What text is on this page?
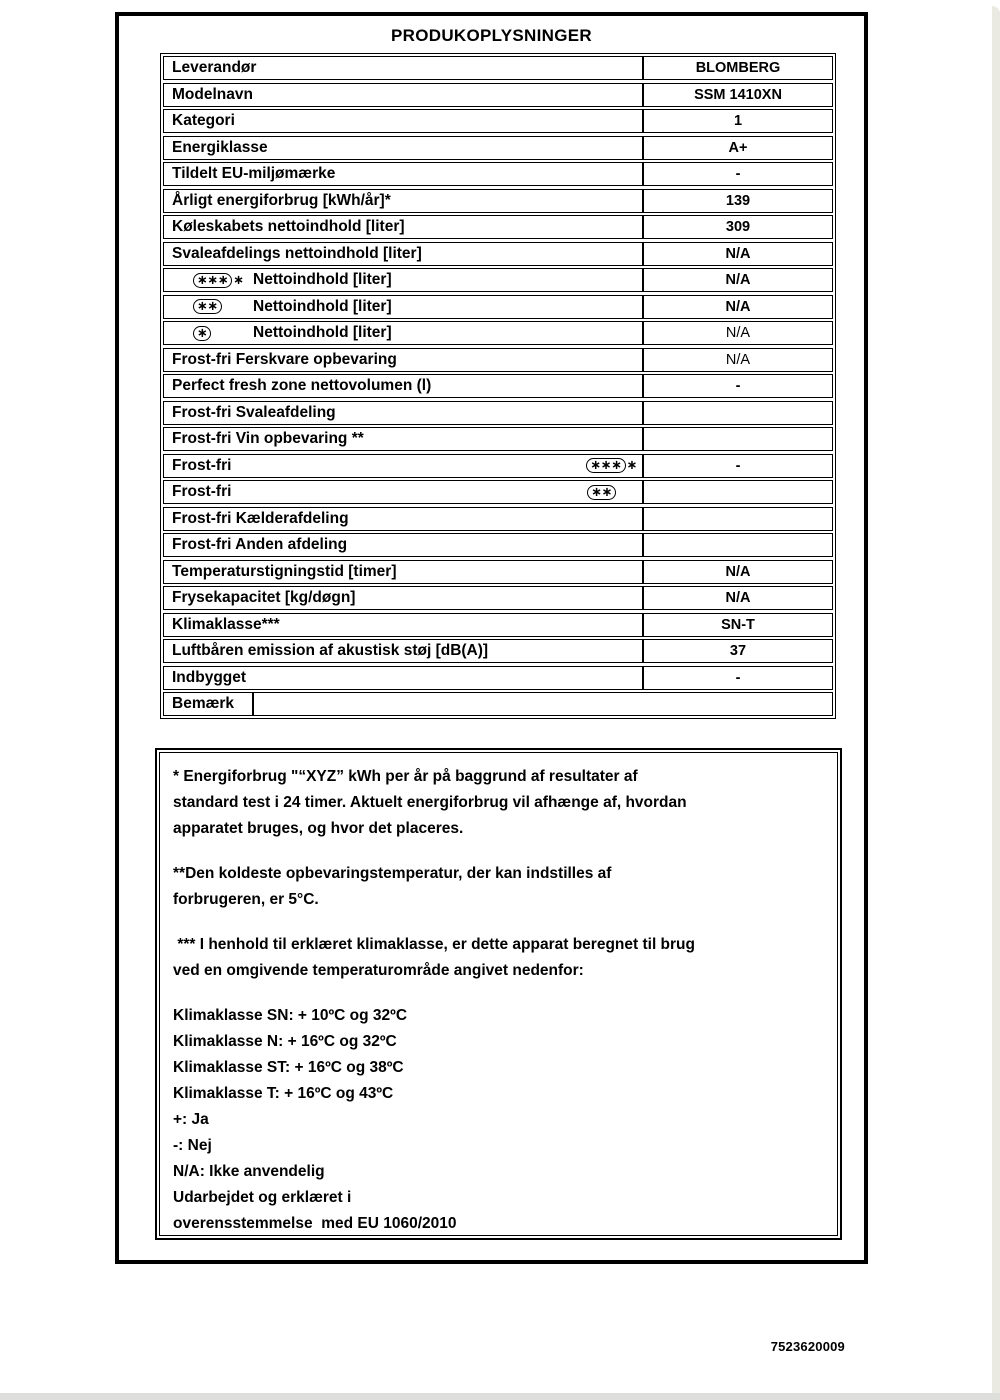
PRODUKOPLYSNINGER
Leverandør	BLOMBERG
Modelnavn	SSM 1410XN
Kategori	1
Energiklasse	A+
Tildelt EU-miljømærke	-
Årligt energiforbrug [kWh/år]*	139
Køleskabets nettoindhold [liter]	309
Svaleafdelings nettoindhold [liter]	N/A
∗ ∗ ∗ ∗ Nettoindhold [liter]	N/A
∗ ∗ Nettoindhold [liter]	N/A
∗	Nettoindhold [liter]	N/A
Frost-fri Ferskvare opbevaring	N/A
Perfect fresh zone nettovolumen (l)	-
Frost-fri Svaleafdeling
Frost-fri Vin opbevaring **
Frost-fri	∗ ∗ ∗ ∗	-
Frost-fri	∗ ∗
Frost-fri Kælderafdeling
Frost-fri Anden afdeling
Temperaturstigningstid [timer]	N/A
Frysekapacitet [kg/døgn]	N/A
Klimaklasse***	SN-T
Luftbåren emission af akustisk støj [dB(A)]	37
Indbygget	-
Bemærk
* Energiforbrug "“XYZ” kWh per år på baggrund af resultater af
standard test i 24 timer. Aktuelt energiforbrug vil afhænge af, hvordan
apparatet bruges, og hvor det placeres.
**Den koldeste opbevaringstemperatur, der kan indstilles af
forbrugeren, er 5°C.
*** I henhold til erklæret klimaklasse, er dette apparat beregnet til brug
ved en omgivende temperaturområde angivet nedenfor:
Klimaklasse SN: + 10ºC og 32ºC
Klimaklasse N: + 16ºC og 32ºC
Klimaklasse ST: + 16ºC og 38ºC
Klimaklasse T: + 16ºC og 43ºC
+: Ja
-: Nej
N/A: Ikke anvendelig
Udarbejdet og erklæret i
overensstemmelse  med EU 1060/2010
7523620009
